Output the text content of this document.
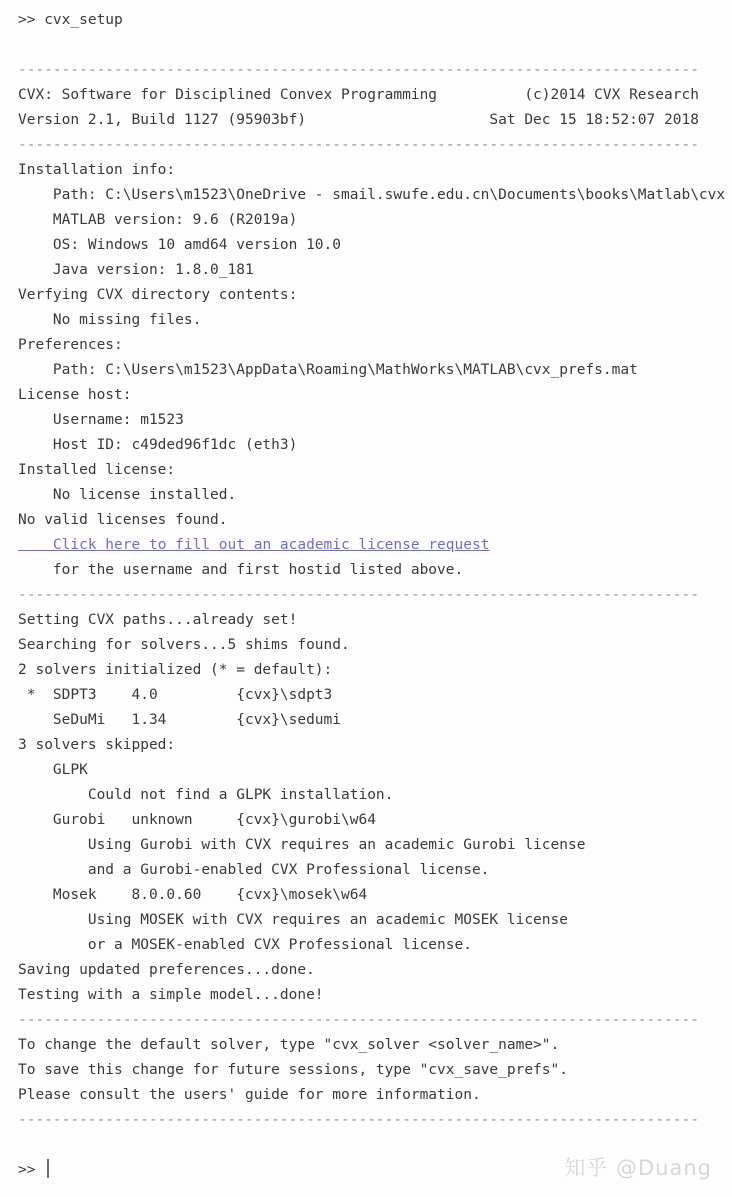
>> cvx_setup

------------------------------------------------------------------------------
CVX: Software for Disciplined Convex Programming          (c)2014 CVX Research
Version 2.1, Build 1127 (95903bf)                     Sat Dec 15 18:52:07 2018
------------------------------------------------------------------------------
Installation info:
Path: C:\Users\m1523\OneDrive - smail.swufe.edu.cn\Documents\books\Matlab\cvx
MATLAB version: 9.6 (R2019a)
OS: Windows 10 amd64 version 10.0
Java version: 1.8.0_181
Verfying CVX directory contents:
No missing files.
Preferences:
Path: C:\Users\m1523\AppData\Roaming\MathWorks\MATLAB\cvx_prefs.mat
License host:
Username: m1523
Host ID: c49ded96f1dc (eth3)
Installed license:
No license installed.
No valid licenses found.
Click here to fill out an academic license request
for the username and first hostid listed above.
------------------------------------------------------------------------------
Setting CVX paths...already set!
Searching for solvers...5 shims found.
2 solvers initialized (* = default):
*  SDPT3    4.0         {cvx}\sdpt3
SeDuMi   1.34        {cvx}\sedumi
3 solvers skipped:
GLPK
Could not find a GLPK installation.
Gurobi   unknown     {cvx}\gurobi\w64
Using Gurobi with CVX requires an academic Gurobi license
and a Gurobi-enabled CVX Professional license.
Mosek    8.0.0.60    {cvx}\mosek\w64
Using MOSEK with CVX requires an academic MOSEK license
or a MOSEK-enabled CVX Professional license.
Saving updated preferences...done.
Testing with a simple model...done!
------------------------------------------------------------------------------
To change the default solver, type "cvx_solver <solver_name>".
To save this change for future sessions, type "cvx_save_prefs".
Please consult the users' guide for more information.
------------------------------------------------------------------------------

>>	知乎 @Duang
